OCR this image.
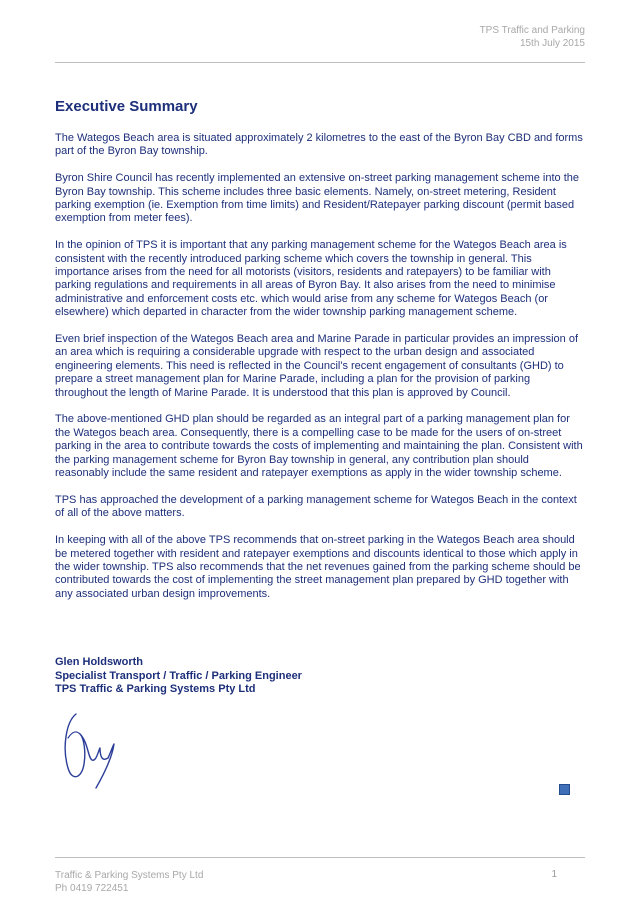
TPS Traffic and Parking
15th July 2015
Executive Summary

The Wategos Beach area is situated approximately 2 kilometres to the east of the Byron Bay CBD and forms part of the Byron Bay township.

Byron Shire Council has recently implemented an extensive on-street parking management scheme into the Byron Bay township. This scheme includes three basic elements. Namely, on-street metering, Resident parking exemption (ie. Exemption from time limits) and Resident/Ratepayer parking discount (permit based exemption from meter fees).

In the opinion of TPS it is important that any parking management scheme for the Wategos Beach area is consistent with the recently introduced parking scheme which covers the township in general. This importance arises from the need for all motorists (visitors, residents and ratepayers) to be familiar with parking regulations and requirements in all areas of Byron Bay. It also arises from the need to minimise administrative and enforcement costs etc. which would arise from any scheme for Wategos Beach (or elsewhere) which departed in character from the wider township parking management scheme.

Even brief inspection of the Wategos Beach area and Marine Parade in particular provides an impression of an area which is requiring a considerable upgrade with respect to the urban design and associated engineering elements. This need is reflected in the Council's recent engagement of consultants (GHD) to prepare a street management plan for Marine Parade, including a plan for the provision of parking throughout the length of Marine Parade. It is understood that this plan is approved by Council.

The above-mentioned GHD plan should be regarded as an integral part of a parking management plan for the Wategos beach area. Consequently, there is a compelling case to be made for the users of on-street parking in the area to contribute towards the costs of implementing and maintaining the plan. Consistent with the parking management scheme for Byron Bay township in general, any contribution plan should reasonably include the same resident and ratepayer exemptions as apply in the wider township scheme.

TPS has approached the development of a parking management scheme for Wategos Beach in the context of all of the above matters.

In keeping with all of the above TPS recommends that on-street parking in the Wategos Beach area should be metered together with resident and ratepayer exemptions and discounts identical to those which apply in the wider township. TPS also recommends that the net revenues gained from the parking scheme should be contributed towards the cost of implementing the street management plan prepared by GHD together with any associated urban design improvements.

Glen Holdsworth
Specialist Transport / Traffic / Parking Engineer
TPS Traffic & Parking Systems Pty Ltd
Traffic & Parking Systems Pty Ltd
Ph 0419 722451
1
